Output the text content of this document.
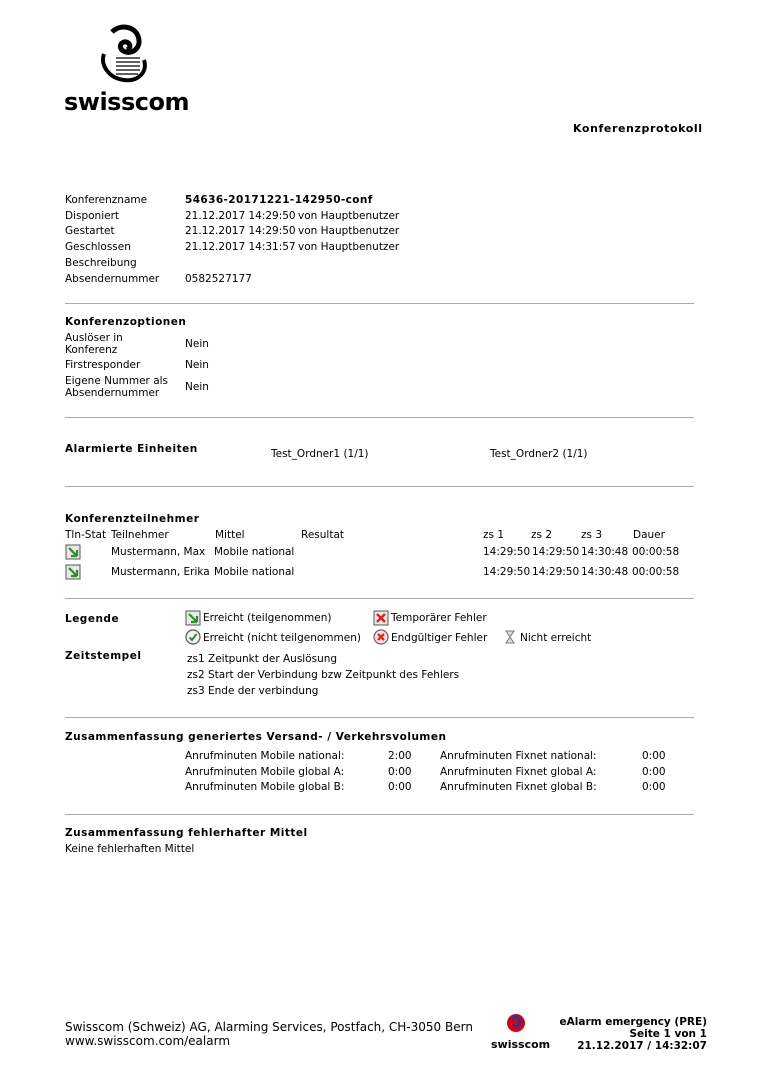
swisscom
Konferenzprotokoll
Konferenzname	54636-20171221-142950-conf
Disponiert	21.12.2017 14:29:50 von Hauptbenutzer
Gestartet	21.12.2017 14:29:50 von Hauptbenutzer
Geschlossen	21.12.2017 14:31:57 von Hauptbenutzer
Beschreibung
Absendernummer 0582527177
Konferenzoptionen
Auslöser in
Konferenz	Nein
Firstresponder	Nein
Eigene Nummer als
Absendernummer Nein
Alarmierte Einheiten	Test_Ordner1 (1/1)	Test_Ordner2 (1/1)
Konferenzteilnehmer
Tln-Stat Teilnehmer	Mittel	Resultat	zs 1	zs 2	zs 3	Dauer
Mustermann, Max Mobile national	14:29:50 14:29:50 14:30:48 00:00:58
Mustermann, Erika Mobile national	14:29:50 14:29:50 14:30:48 00:00:58
Legende	Erreicht (teilgenommen)	Temporärer Fehler
Erreicht (nicht teilgenommen)	Endgültiger Fehler	Nicht erreicht
Zeitstempel	zs1 Zeitpunkt der Auslösung
zs2 Start der Verbindung bzw Zeitpunkt des Fehlers
zs3 Ende der verbindung
Zusammenfassung generiertes Versand- / Verkehrsvolumen
Anrufminuten Mobile national:	2:00	Anrufminuten Fixnet national:	0:00
Anrufminuten Mobile global A:	0:00	Anrufminuten Fixnet global A:	0:00
Anrufminuten Mobile global B:	0:00	Anrufminuten Fixnet global B:	0:00
Zusammenfassung fehlerhafter Mittel
Keine fehlerhaften Mittel
Swisscom (Schweiz) AG, Alarming Services, Postfach, CH-3050 Bern
www.swisscom.com/ealarm	swisscom
eAlarm emergency (PRE)
Seite 1 von 1
21.12.2017 / 14:32:07
